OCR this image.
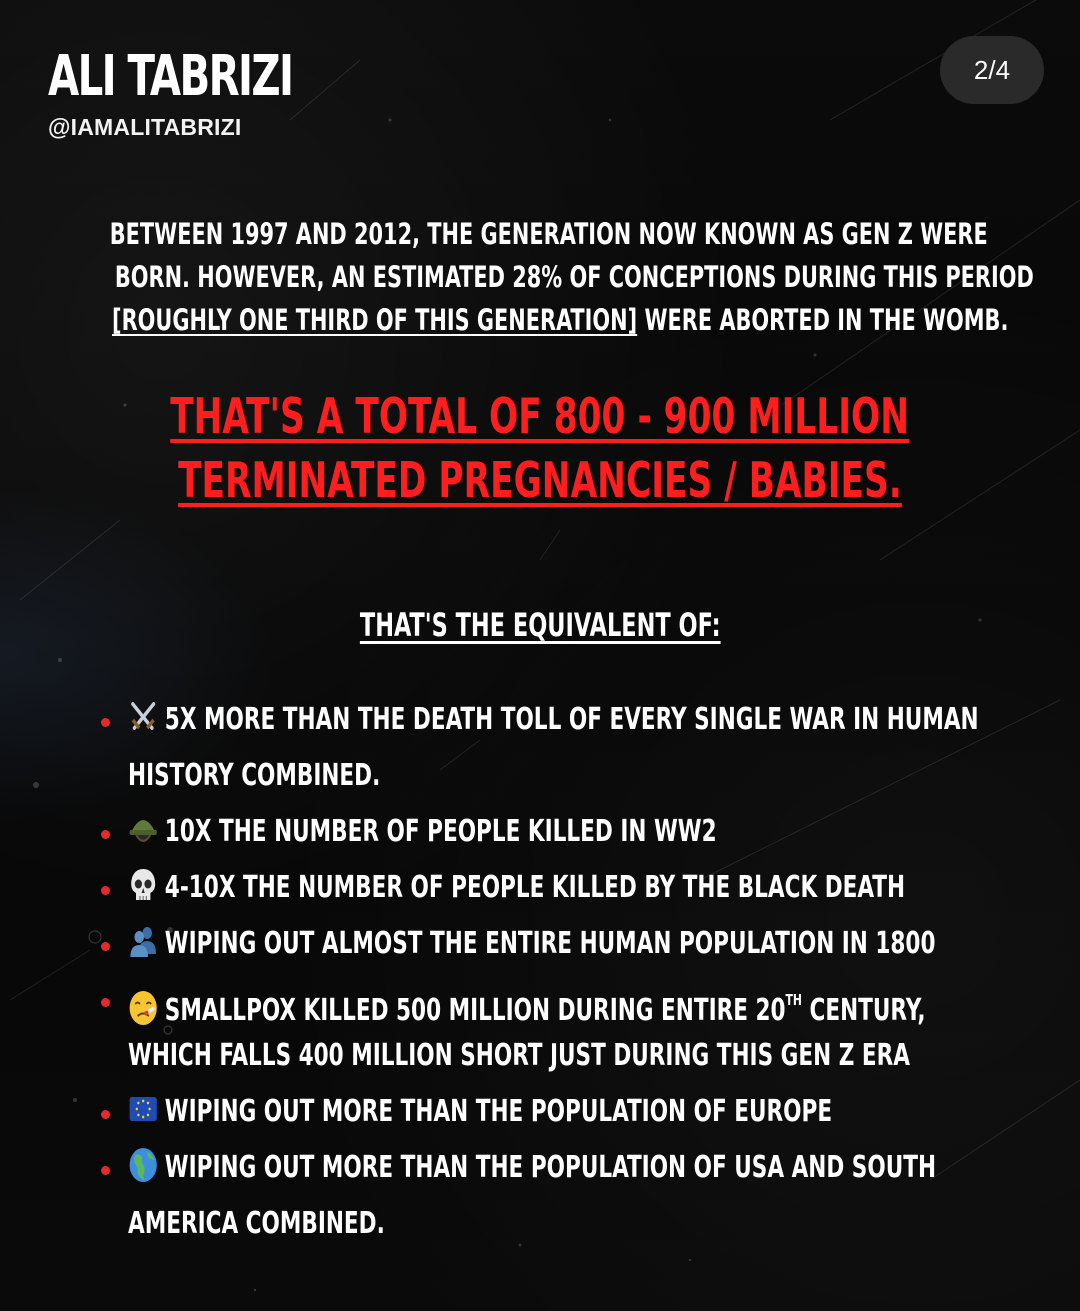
ALI TABRIZI
@IAMALITABRIZI
2/4
BETWEEN 1997 AND 2012, THE GENERATION NOW KNOWN AS GEN Z WERE
BORN. HOWEVER, AN ESTIMATED 28% OF CONCEPTIONS DURING THIS PERIOD
[ROUGHLY ONE THIRD OF THIS GENERATION] WERE ABORTED IN THE WOMB.
THAT'S A TOTAL OF 800 - 900 MILLION
TERMINATED PREGNANCIES / BABIES.
THAT'S THE EQUIVALENT OF:
5X MORE THAN THE DEATH TOLL OF EVERY SINGLE WAR IN HUMAN
HISTORY COMBINED.
10X THE NUMBER OF PEOPLE KILLED IN WW2
4-10X THE NUMBER OF PEOPLE KILLED BY THE BLACK DEATH
WIPING OUT ALMOST THE ENTIRE HUMAN POPULATION IN 1800
SMALLPOX KILLED 500 MILLION DURING ENTIRE 20TH CENTURY,
WHICH FALLS 400 MILLION SHORT JUST DURING THIS GEN Z ERA
WIPING OUT MORE THAN THE POPULATION OF EUROPE
WIPING OUT MORE THAN THE POPULATION OF USA AND SOUTH
AMERICA COMBINED.
